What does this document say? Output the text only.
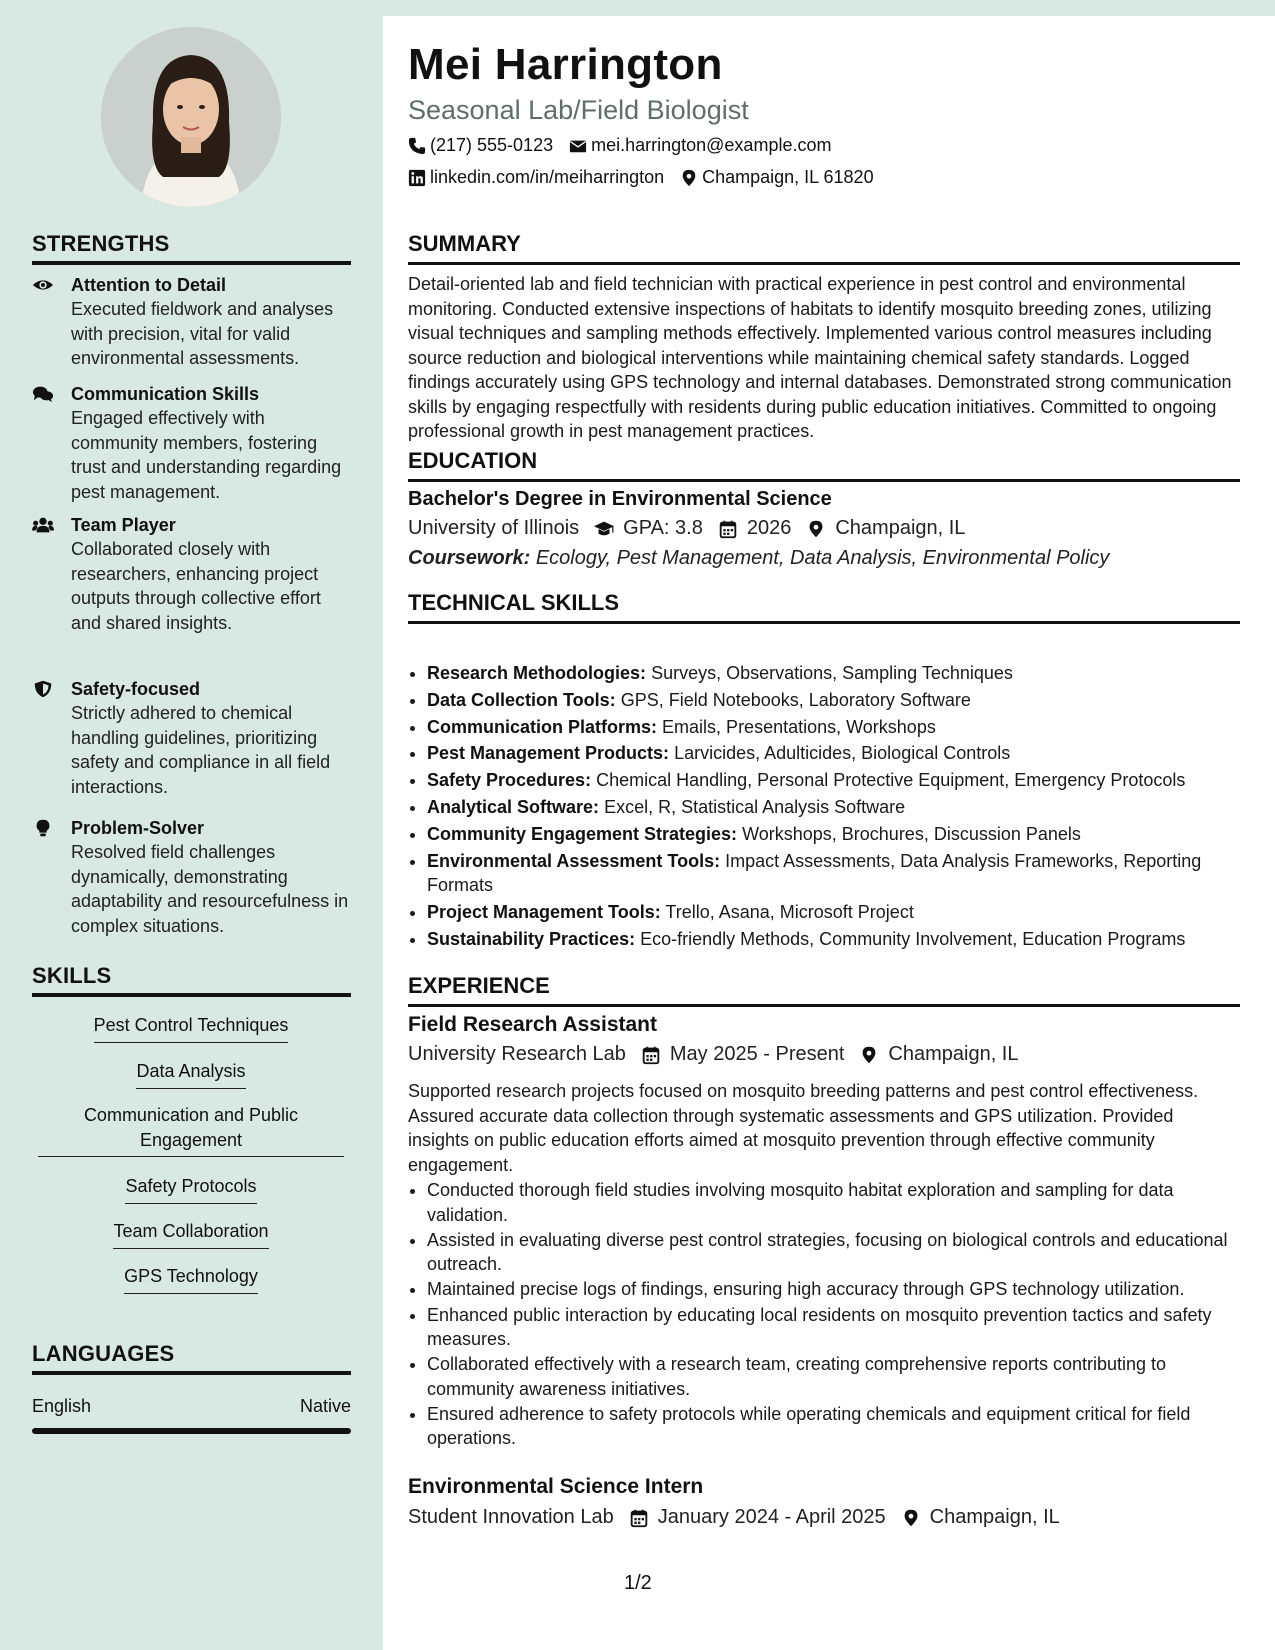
STRENGTHS
Attention to Detail
Executed fieldwork and analyses with precision, vital for valid environmental assessments.
Communication Skills
Engaged effectively with community members, fostering trust and understanding regarding pest management.
Team Player
Collaborated closely with researchers, enhancing project outputs through collective effort and shared insights.
Safety-focused
Strictly adhered to chemical handling guidelines, prioritizing safety and compliance in all field interactions.
Problem-Solver
Resolved field challenges dynamically, demonstrating adaptability and resourcefulness in complex situations.
SKILLS
Pest Control Techniques
Data Analysis
Communication and Public Engagement
Safety Protocols
Team Collaboration
GPS Technology
LANGUAGES
English	Native
Mei Harrington
Seasonal Lab/Field Biologist
(217) 555-0123 mei.harrington@example.com
linkedin.com/in/meiharrington Champaign, IL 61820
SUMMARY
Detail-oriented lab and field technician with practical experience in pest control and environmental monitoring. Conducted extensive inspections of habitats to identify mosquito breeding zones, utilizing visual techniques and sampling methods effectively. Implemented various control measures including source reduction and biological interventions while maintaining chemical safety standards. Logged findings accurately using GPS technology and internal databases. Demonstrated strong communication skills by engaging respectfully with residents during public education initiatives. Committed to ongoing professional growth in pest management practices.
EDUCATION
Bachelor's Degree in Environmental Science
University of Illinois GPA: 3.8 2026 Champaign, IL
Coursework: Ecology, Pest Management, Data Analysis, Environmental Policy
TECHNICAL SKILLS
• Research Methodologies: Surveys, Observations, Sampling Techniques
• Data Collection Tools: GPS, Field Notebooks, Laboratory Software
• Communication Platforms: Emails, Presentations, Workshops
• Pest Management Products: Larvicides, Adulticides, Biological Controls
• Safety Procedures: Chemical Handling, Personal Protective Equipment, Emergency Protocols
• Analytical Software: Excel, R, Statistical Analysis Software
• Community Engagement Strategies: Workshops, Brochures, Discussion Panels
• Environmental Assessment Tools: Impact Assessments, Data Analysis Frameworks, Reporting Formats
• Project Management Tools: Trello, Asana, Microsoft Project
• Sustainability Practices: Eco-friendly Methods, Community Involvement, Education Programs
EXPERIENCE
Field Research Assistant
University Research Lab May 2025 - Present Champaign, IL
Supported research projects focused on mosquito breeding patterns and pest control effectiveness. Assured accurate data collection through systematic assessments and GPS utilization. Provided insights on public education efforts aimed at mosquito prevention through effective community engagement.
• Conducted thorough field studies involving mosquito habitat exploration and sampling for data validation.
• Assisted in evaluating diverse pest control strategies, focusing on biological controls and educational outreach.
• Maintained precise logs of findings, ensuring high accuracy through GPS technology utilization.
• Enhanced public interaction by educating local residents on mosquito prevention tactics and safety measures.
• Collaborated effectively with a research team, creating comprehensive reports contributing to community awareness initiatives.
• Ensured adherence to safety protocols while operating chemicals and equipment critical for field operations.
Environmental Science Intern
Student Innovation Lab January 2024 - April 2025 Champaign, IL
1/2
